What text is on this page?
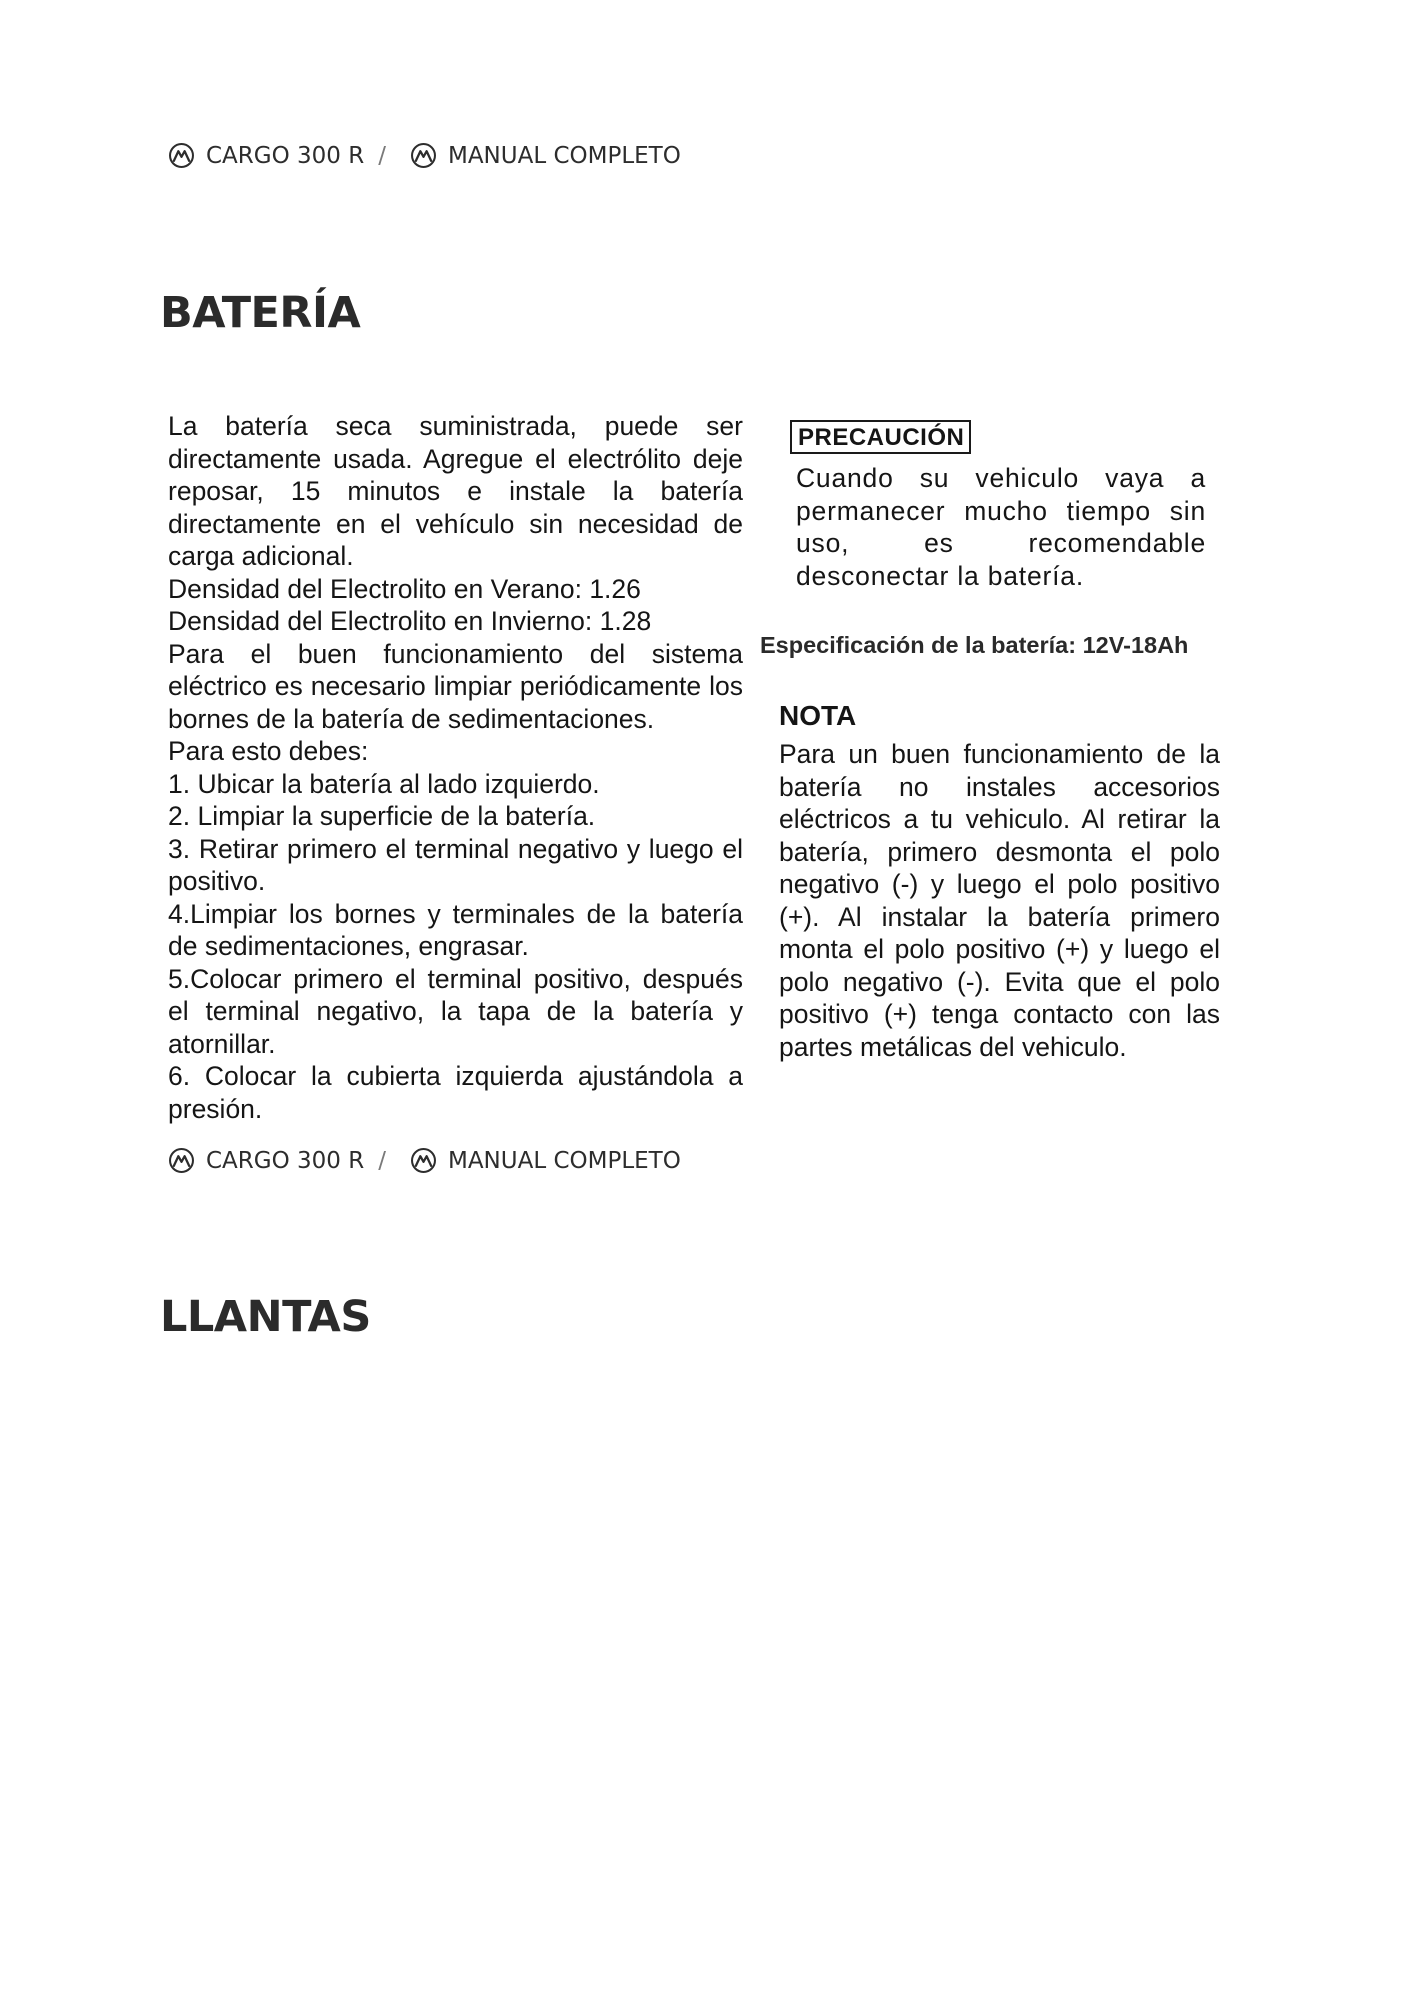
CARGO 300 R /	MANUAL COMPLETO
BATERÍA

La batería seca suministrada, puede ser directamente usada. Agregue el electrólito deje reposar, 15 minutos e instale la batería directamente en el vehículo sin necesidad de carga adicional.

Densidad del Electrolito en Verano: 1.26

Densidad del Electrolito en Invierno: 1.28

Para el buen funcionamiento del sistema eléctrico es necesario limpiar periódicamente los bornes de la batería de sedimentaciones.

Para esto debes:

1. Ubicar la batería al lado izquierdo.

2. Limpiar la superficie de la batería.

3. Retirar primero el terminal negativo y luego el positivo.

4.Limpiar los bornes y terminales de la batería de sedimentaciones, engrasar.

5.Colocar primero el terminal positivo, después el terminal negativo, la tapa de la batería y atornillar.

6. Colocar la cubierta izquierda ajustándola a presión.

PRECAUCIÓN

Cuando su vehiculo vaya a permanecer mucho tiempo sin uso, es recomendable desconectar la batería.

Especificación de la batería: 12V-18Ah

NOTA

Para un buen funcionamiento de la batería no instales accesorios eléctricos a tu vehiculo. Al retirar la batería, primero desmonta el polo negativo (-) y luego el polo positivo (+). Al instalar la batería primero monta el polo positivo (+) y luego el polo negativo (-). Evita que el polo positivo (+) tenga contacto con las partes metálicas del vehiculo.

CARGO 300 R /	MANUAL COMPLETO
LLANTAS
